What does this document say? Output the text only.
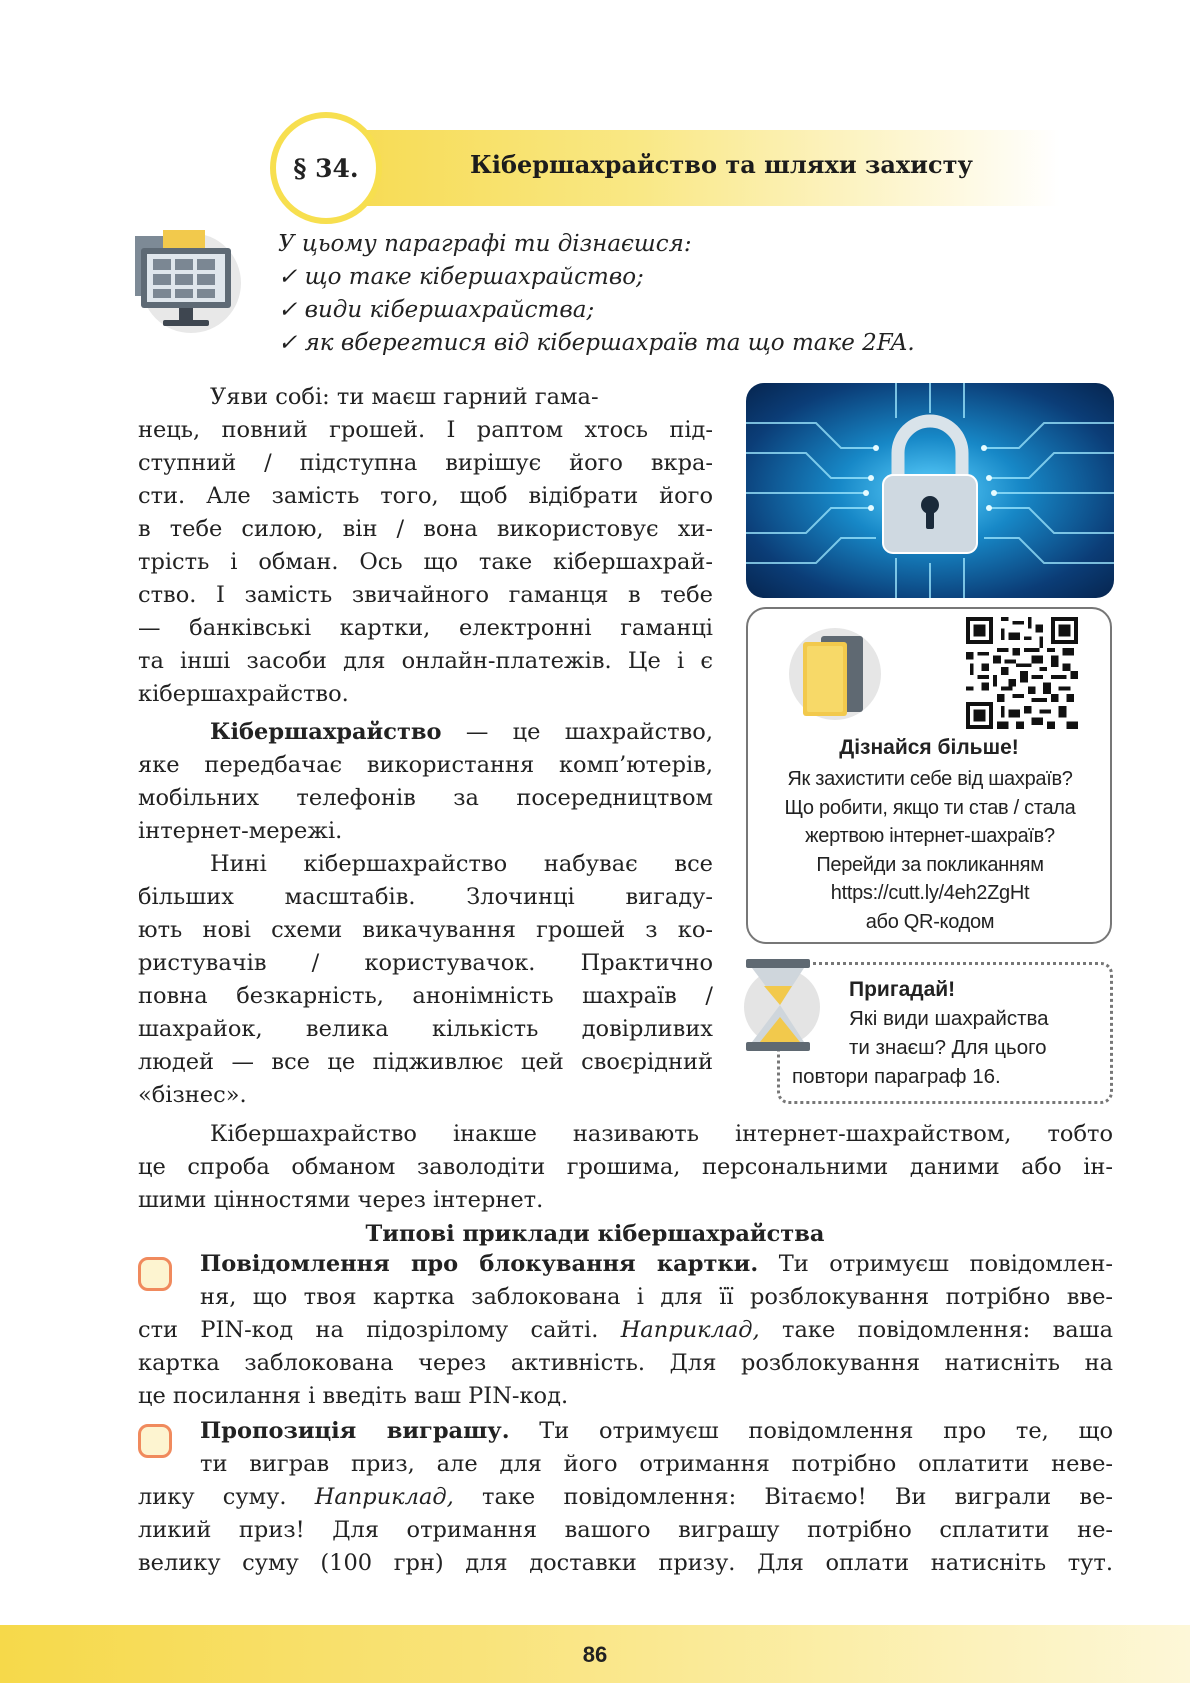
§ 34.	Кібершахрайство та шляхи захисту
У цьому параграфі ти дізнаєшся:
✓ що таке кібершахрайство;
✓ види кібершахрайства;
✓ як вберегтися від кібершахраїв та що таке 2FA.
Уяви собі: ти маєш гарний гама-
нець, повний грошей. І раптом хтось під-
ступний / підступна вирішує його вкра-
сти. Але замість того, щоб відібрати його
в тебе силою, він / вона використовує хи-
трість і обман. Ось що таке кібершахрай-
ство. І замість звичайного гаманця в тебе
— банківські картки, електронні гаманці
та інші засоби для онлайн-платежів. Це і є
кібершахрайство.
Кібершахрайство — це шахрайство,
яке передбачає використання комп’ютерів,
мобільних телефонів за посередництвом
інтернет-мережі.
Нині кібершахрайство набуває все
більших масштабів. Злочинці вигаду-
ють нові схеми викачування грошей з ко-
ристувачів / користувачок. Практично
повна безкарність, анонімність шахраїв /
шахрайок, велика кількість довірливих
людей — все це підживлює цей своєрідний
«бізнес».
Кібершахрайство інакше називають інтернет-шахрайством, тобто
це спроба обманом заволодіти грошима, персональними даними або ін-
шими цінностями через інтернет.
Типові приклади кібершахрайства
Повідомлення про блокування картки. Ти отримуєш повідомлен-
ня, що твоя картка заблокована і для її розблокування потрібно вве-
сти PIN-код на підозрілому сайті. Наприклад, таке повідомлення: ваша
картка заблокована через активність. Для розблокування натисніть на
це посилання і введіть ваш PIN-код.
Пропозиція виграшу. Ти отримуєш повідомлення про те, що
ти виграв приз, але для його отримання потрібно оплатити неве-
лику суму. Наприклад, таке повідомлення: Вітаємо! Ви виграли ве-
ликий приз! Для отримання вашого виграшу потрібно сплатити не-
велику суму (100 грн) для доставки призу. Для оплати натисніть тут.
Дізнайся більше!
Як захистити себе від шахраїв?
Що робити, якщо ти став / стала
жертвою інтернет-шахраїв?
Перейди за покликанням
https://cutt.ly/4eh2ZgHt
або QR-кодом
Пригадай!
Які види шахрайства
ти знаєш? Для цього
повтори параграф 16.
86
